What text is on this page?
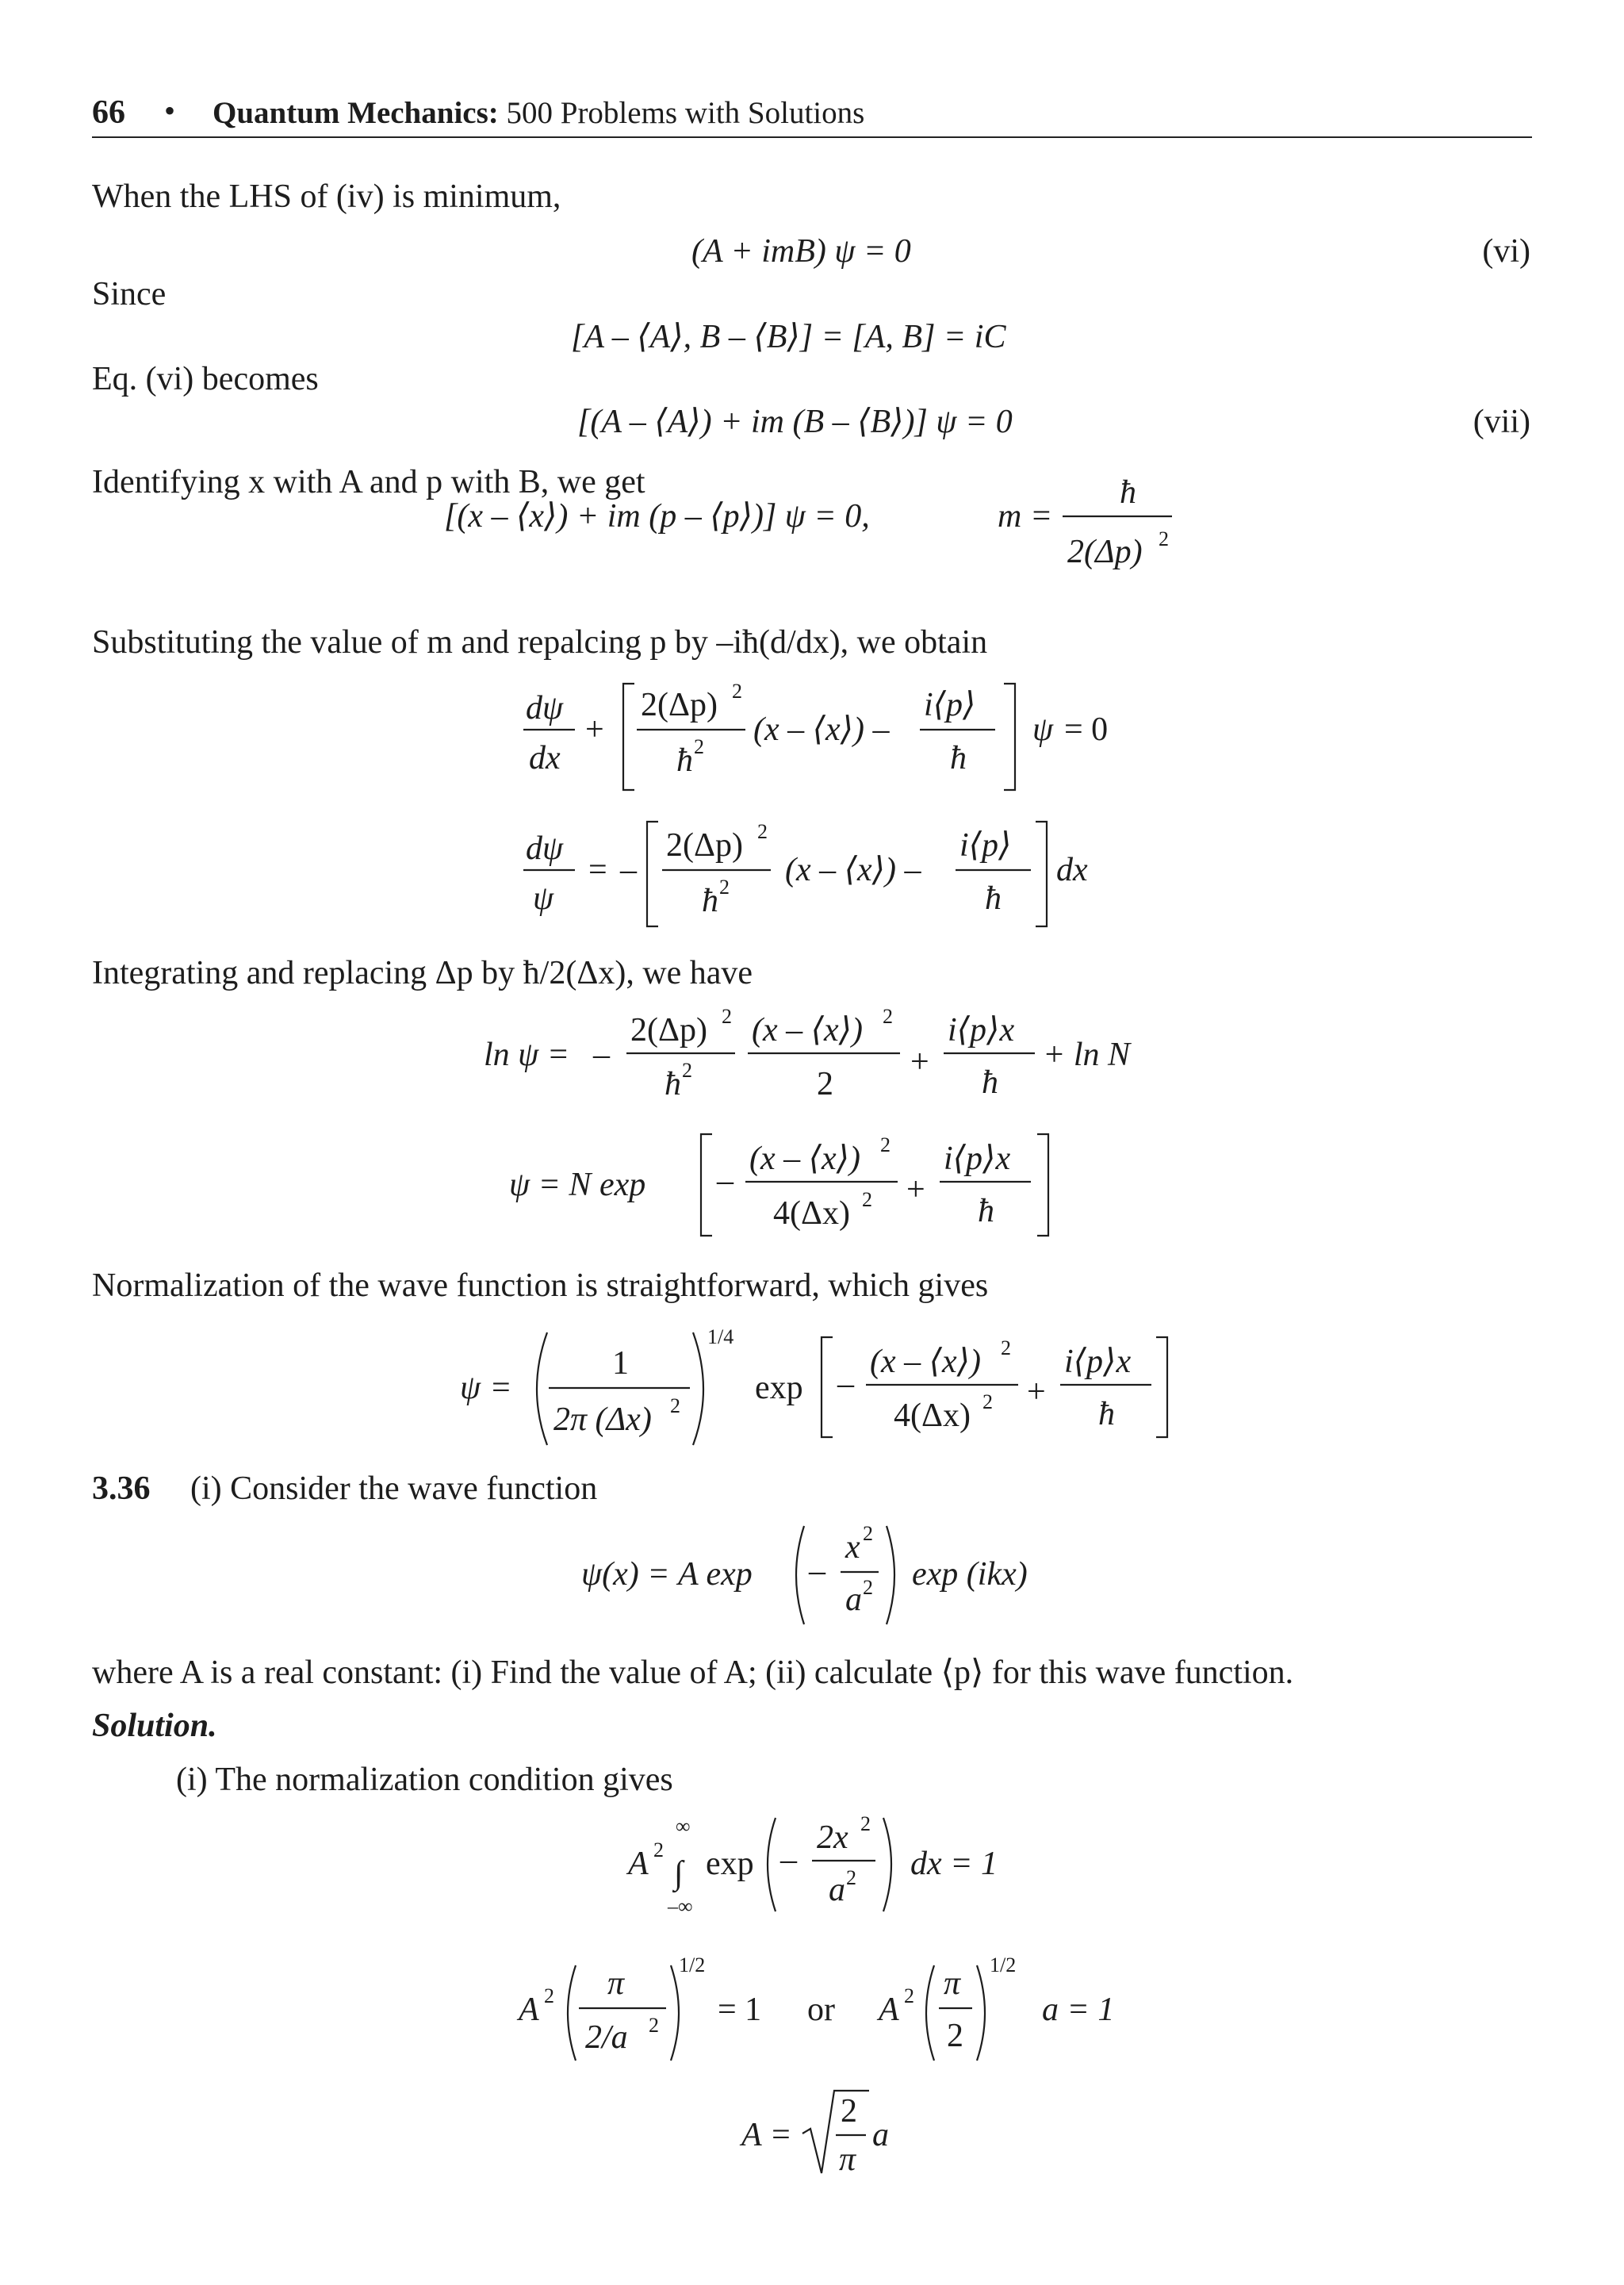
66 • Quantum Mechanics: 500 Problems with Solutions
When the LHS of (iv) is minimum,
Since
Eq. (vi) becomes
Identifying x with A and p with B, we get
Substituting the value of m and repalcing p by –iħ(d/dx), we obtain
Integrating and replacing Δp by ħ/2(Δx), we have
Normalization of the wave function is straightforward, which gives
3.36 (i) Consider the wave function
where A is a real constant: (i) Find the value of A; (ii) calculate ⟨p⟩ for this wave function.
Solution.
(i) The normalization condition gives
(A + imB) ψ = 0	(vi)
[A – ⟨A⟩, B – ⟨B⟩] = [A, B] = iC
[(A – ⟨A⟩) + im (B – ⟨B⟩)] ψ = 0	(vii)
[(x – ⟨x⟩) + im (p – ⟨p⟩)] ψ = 0,	m =
ħ
2(Δp) 2
dψ
dx
+
2(Δp) 2
ħ 2 (x – ⟨x⟩) –
i⟨p⟩
ħ
ψ = 0
dψ
ψ
= –
2(Δp) 2
ħ 2 (x – ⟨x⟩) –
i⟨p⟩
ħ
dx
ln ψ = –
2(Δp) 2
ħ 2
(x – ⟨x⟩) 2
2
+
i⟨p⟩x
ħ
+ ln N
ψ = N exp –
(x – ⟨x⟩) 2
4(Δx) 2 +
i⟨p⟩x
ħ
ψ =
1
2π (Δx) 2
1/4
exp –
(x – ⟨x⟩) 2
4(Δx) 2 +
i⟨p⟩x
ħ
ψ(x) = A exp –
x 2
a 2 exp (ikx)
A 2
∞
∫
–∞
exp –
2x 2
a 2 dx = 1
A 2 π
2/a 2
1/2
= 1 or A 2 π
2
1/2
a = 1
A =
2
π
a
